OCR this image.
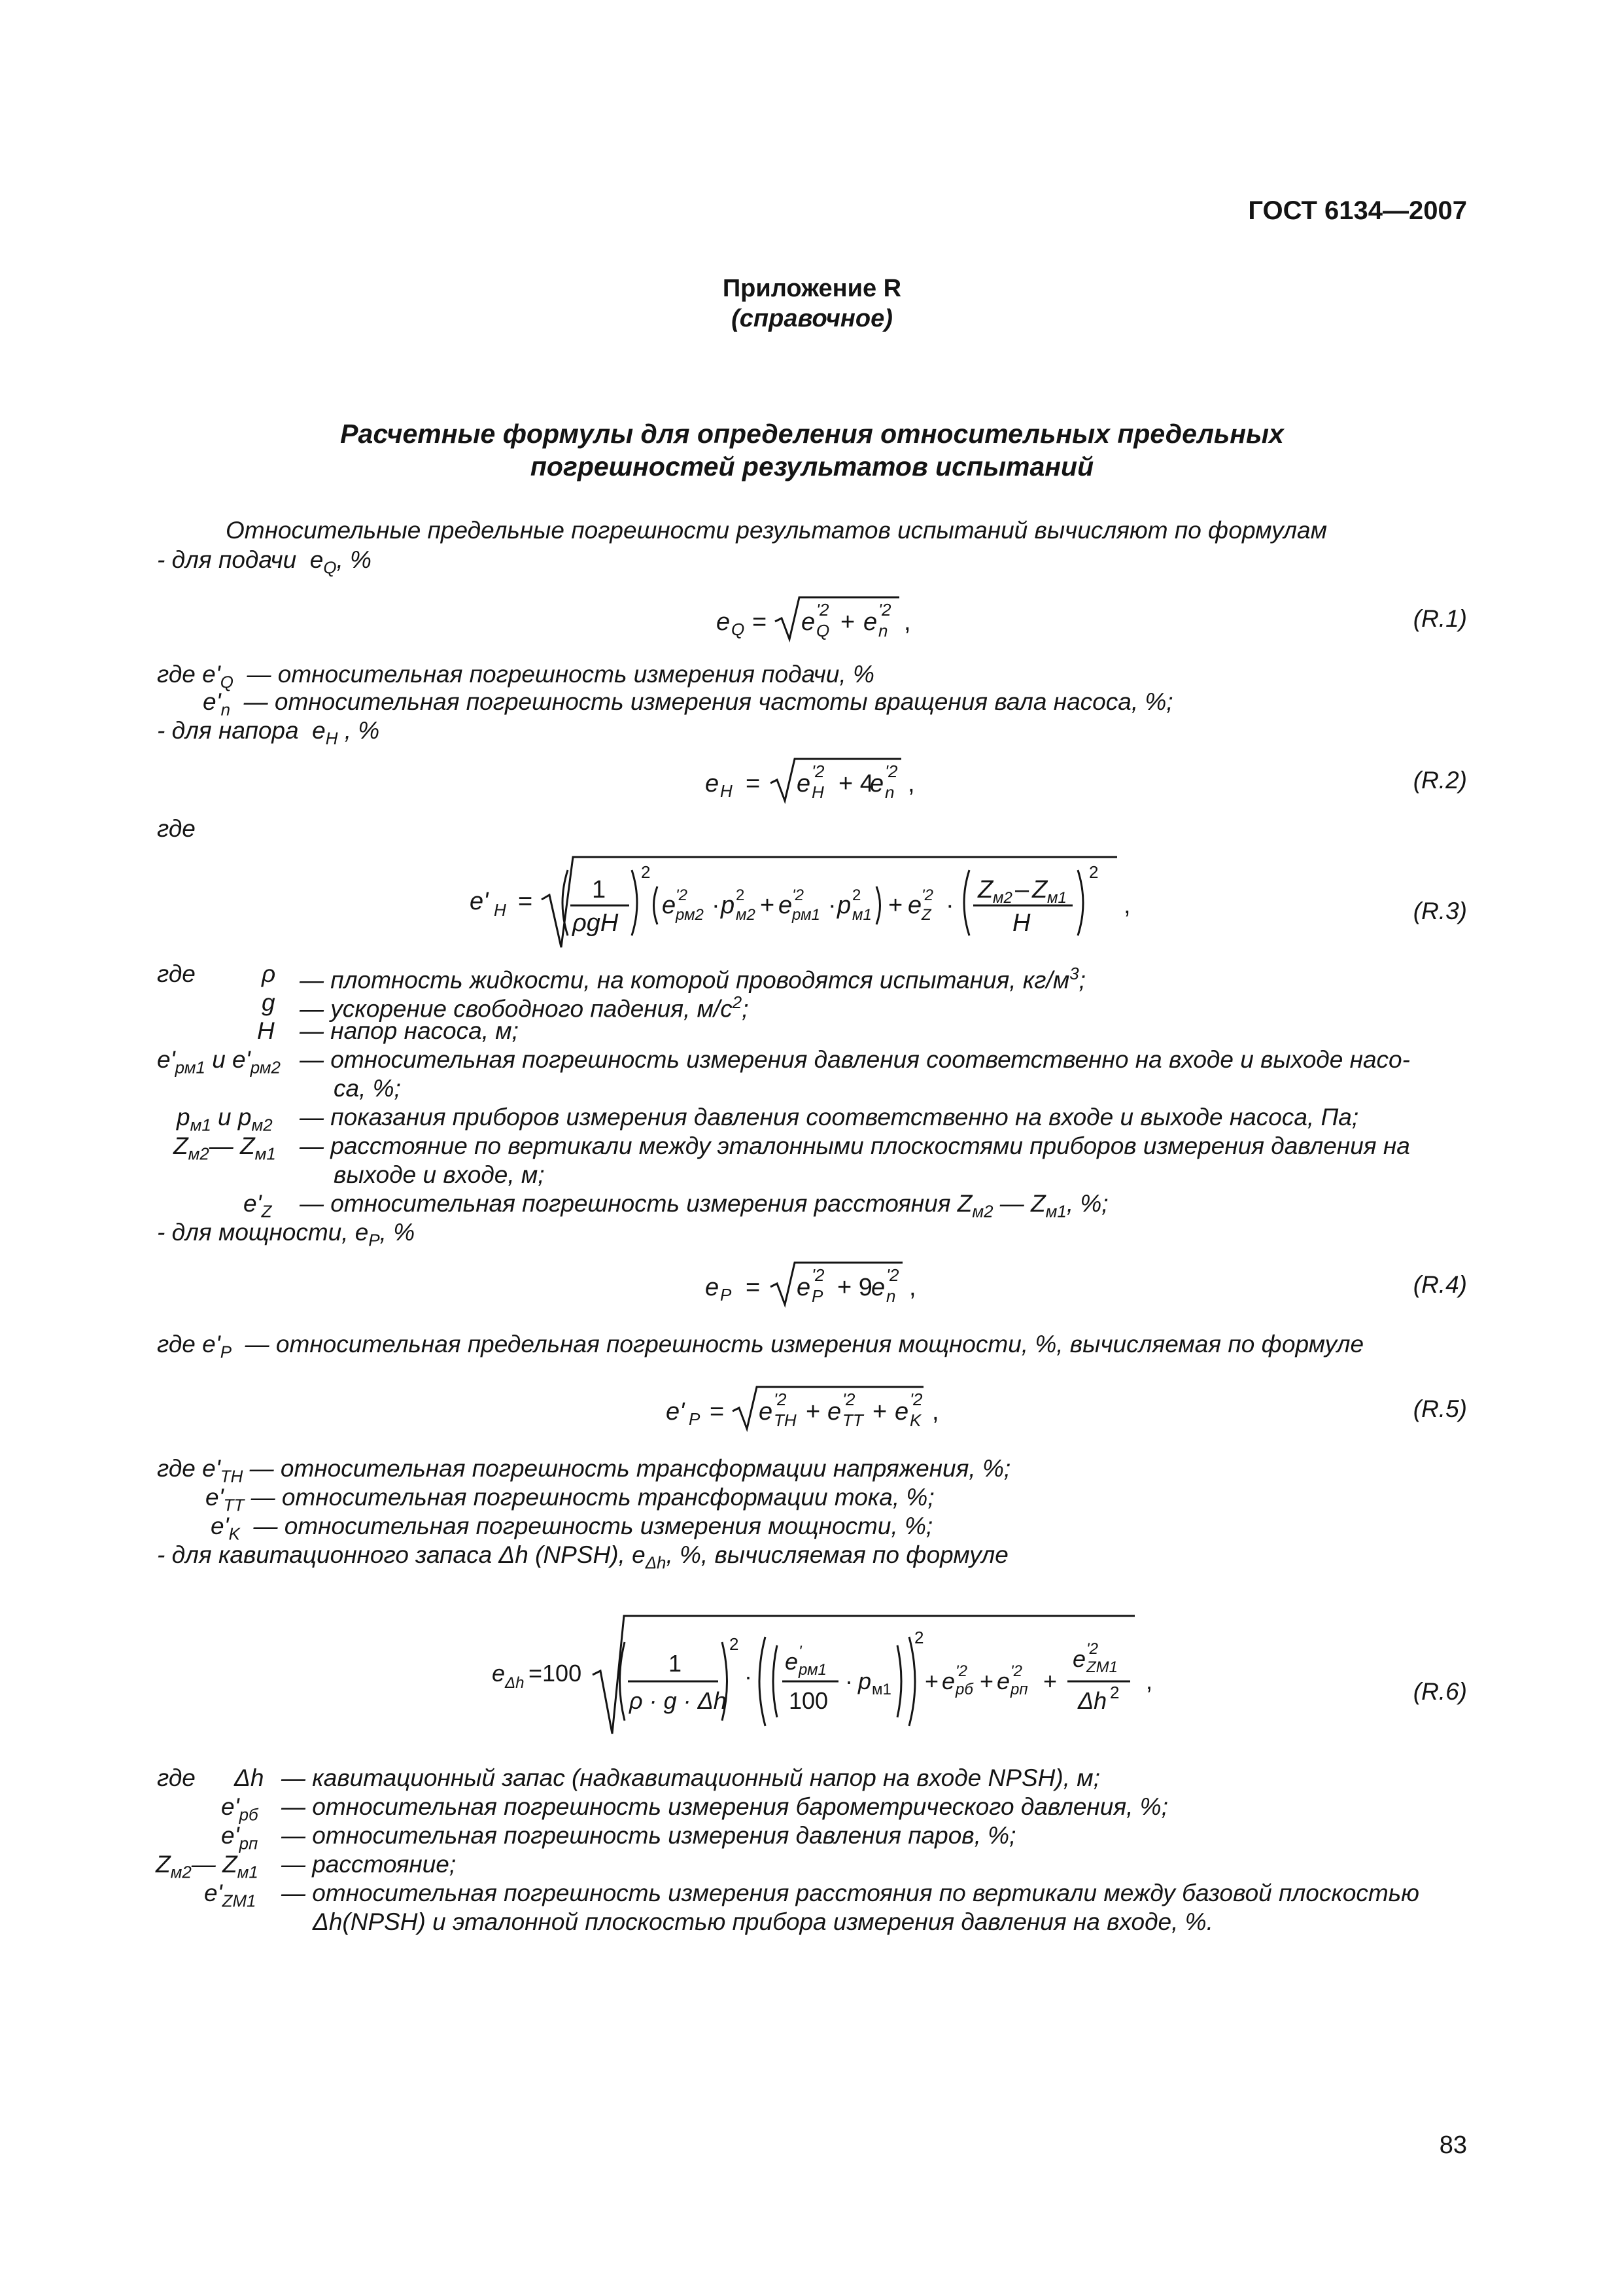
ГОСТ 6134—2007
Приложение R
(справочное)
Расчетные формулы для определения относительных предельных
погрешностей результатов испытаний
Относительные предельные погрешности результатов испытаний вычисляют по формулам
- для подачи $e_Q$, %
e Q = e '2
Q + e '2
n ,	(R.1)
где $e'_Q$ — относительная погрешность измерения подачи, %
$e'_n$ — относительная погрешность измерения частоты вращения вала насоса, %;
- для напора $e_H$ , %
e H = e '2
H + 4
e '2
n ,	(R.2)
где
e' H = 1
ρgH
2
e '2
рм2 · p 2
м2 + e '2
рм1 · p 2
м1 + e '2
Z ·
Z м2 – Z м1
H
2
,	(R.3)
где	ρ — плотность жидкости, на которой проводятся испытания, $кг/м^3$;
g — ускорение свободного падения, $м/с^2$;
H — напор насоса, м;
$e'_{рм1}$ и $e'_{рм2}$ — относительная погрешность измерения давления соответственно на входе и выходе насо-
са, %;
$p_{м1}$ и $p_{м2}$ — показания приборов измерения давления соответственно на входе и выходе насоса, Па;
$Z_{м2}—$ $Z_{м1}$ — расстояние по вертикали между эталонными плоскостями приборов измерения давления на
выходе и входе, м;
$e'_Z$ — относительная погрешность измерения расстояния $Z_{м2}$ — $Z_{м1}$, %;
- для мощности, $e_P$, %
e P = e '2
P + 9
e '2
n ,	(R.4)
где $e'_P$ — относительная предельная погрешность измерения мощности, %, вычисляемая по формуле
e' P = e '2
TH + e '2
TT + e '2
K ,	(R.5)
где $e'_{TH}$ — относительная погрешность трансформации напряжения, %;
$e'_{TT}$ — относительная погрешность трансформации тока, %;
$e'_K$ — относительная погрешность измерения мощности, %;
- для кавитационного запаса Δh (NPSH), $e_{\Delta h}$, %, вычисляемая по формуле
e Δh =100	1
ρ · g · Δh
2
·
e '
рм1
100
· p м1
2
+ e '2
рб + e '2
рп +
e '2
ZM1
Δh 2 ,	(R.6)
где Δh — кавитационный запас (надкавитационный напор на входе NPSH), м;
$e'_{рб}$ — относительная погрешность измерения барометрического давления, %;
$e'_{рп}$ — относительная погрешность измерения давления паров, %;
$Z_{м2}—$ $Z_{м1}$ — расстояние;
$e'_{ZM1}$ — относительная погрешность измерения расстояния по вертикали между базовой плоскостью
Δh(NPSH) и эталонной плоскостью прибора измерения давления на входе, %.
83
